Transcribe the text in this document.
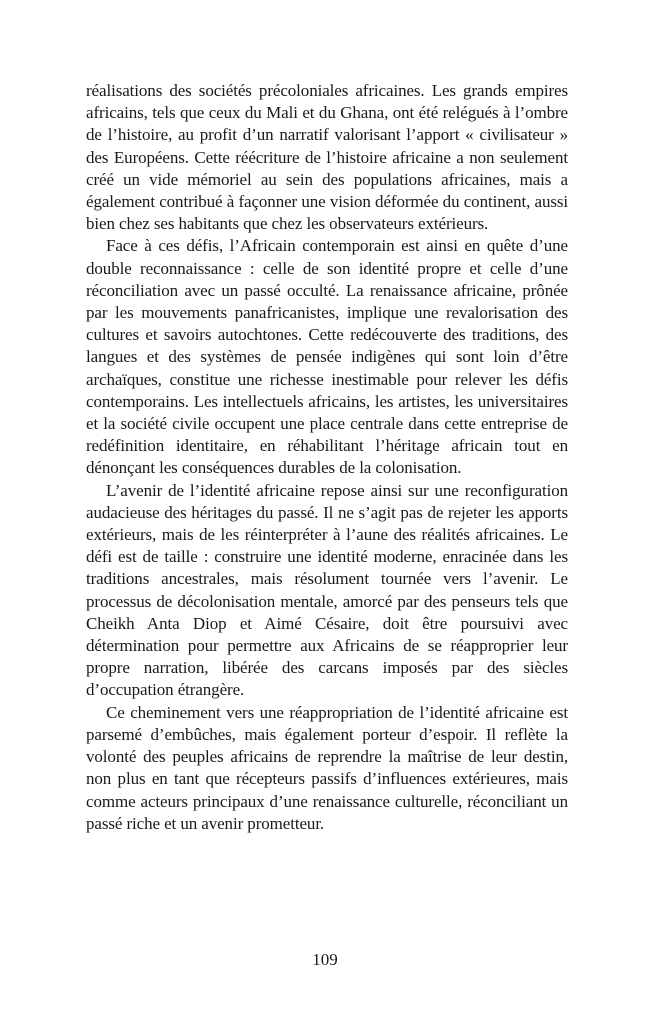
réalisations des sociétés précoloniales africaines. Les grands empires africains, tels que ceux du Mali et du Ghana, ont été relégués à l’ombre de l’histoire, au profit d’un narratif valorisant l’apport « civilisateur » des Européens. Cette réécriture de l’histoire africaine a non seulement créé un vide mémoriel au sein des populations africaines, mais a également contribué à façonner une vision déformée du continent, aussi bien chez ses habitants que chez les observateurs extérieurs.

Face à ces défis, l’Africain contemporain est ainsi en quête d’une double reconnaissance : celle de son identité propre et celle d’une réconciliation avec un passé occulté. La renaissance africaine, prônée par les mouvements panafricanistes, implique une revalorisation des cultures et savoirs autochtones. Cette redécouverte des traditions, des langues et des systèmes de pensée indigènes qui sont loin d’être archaïques, constitue une richesse inestimable pour relever les défis contemporains. Les intellectuels africains, les artistes, les universitaires et la société civile occupent une place centrale dans cette entreprise de redéfinition identitaire, en réhabilitant l’héritage africain tout en dénonçant les conséquences durables de la colonisation.

L’avenir de l’identité africaine repose ainsi sur une reconfiguration audacieuse des héritages du passé. Il ne s’agit pas de rejeter les apports extérieurs, mais de les réinterpréter à l’aune des réalités africaines. Le défi est de taille : construire une identité moderne, enracinée dans les traditions ancestrales, mais résolument tournée vers l’avenir. Le processus de décolonisation mentale, amorcé par des penseurs tels que Cheikh Anta Diop et Aimé Césaire, doit être poursuivi avec détermination pour permettre aux Africains de se réapproprier leur propre narration, libérée des carcans imposés par des siècles d’occupation étrangère.

Ce cheminement vers une réappropriation de l’identité africaine est parsemé d’embûches, mais également porteur d’espoir. Il reflète la volonté des peuples africains de reprendre la maîtrise de leur destin, non plus en tant que récepteurs passifs d’influences extérieures, mais comme acteurs principaux d’une renaissance culturelle, réconciliant un passé riche et un avenir prometteur.

109
